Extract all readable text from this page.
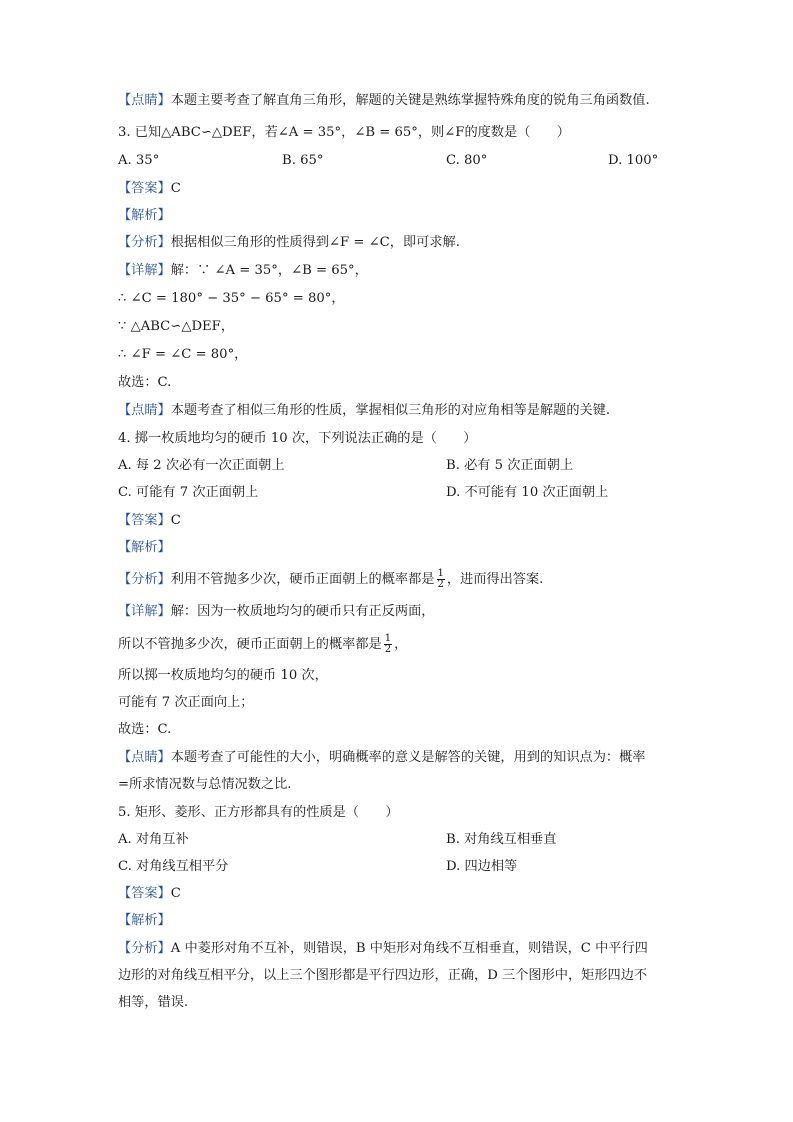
【点睛】本题主要考查了解直角三角形，解题的关键是熟练掌握特殊角度的锐角三角函数值.
3. 已知△ABC∽△DEF，若∠A = 35°，∠B = 65°，则∠F的度数是（　　）
A. 35°	B. 65°	C. 80°	D. 100°
【答案】C
【解析】
【分析】根据相似三角形的性质得到∠F = ∠C，即可求解.
【详解】解：∵ ∠A = 35°，∠B = 65°，
∴ ∠C = 180° − 35° − 65° = 80°，
∵ △ABC∽△DEF，
∴ ∠F = ∠C = 80°，
故选：C.
【点睛】本题考查了相似三角形的性质，掌握相似三角形的对应角相等是解题的关键.
4. 掷一枚质地均匀的硬币 10 次，下列说法正确的是（　　）
A. 每 2 次必有一次正面朝上	B. 必有 5 次正面朝上
C. 可能有 7 次正面朝上	D. 不可能有 10 次正面朝上
【答案】C
【解析】
【分析】利用不管抛多少次，硬币正面朝上的概率都是 $\frac{1}{2}$ ，进而得出答案.
【详解】解：因为一枚质地均匀的硬币只有正反两面，
所以不管抛多少次，硬币正面朝上的概率都是 $\frac{1}{2}$ ，
所以掷一枚质地均匀的硬币 10 次，
可能有 7 次正面向上；
故选：C.
【点睛】本题考查了可能性的大小，明确概率的意义是解答的关键，用到的知识点为：概率
=所求情况数与总情况数之比.
5. 矩形、菱形、正方形都具有的性质是（　　）
A. 对角互补	B. 对角线互相垂直
C. 对角线互相平分	D. 四边相等
【答案】C
【解析】
【分析】A 中菱形对角不互补，则错误，B 中矩形对角线不互相垂直，则错误，C 中平行四
边形的对角线互相平分，以上三个图形都是平行四边形，正确，D 三个图形中，矩形四边不
相等，错误.
